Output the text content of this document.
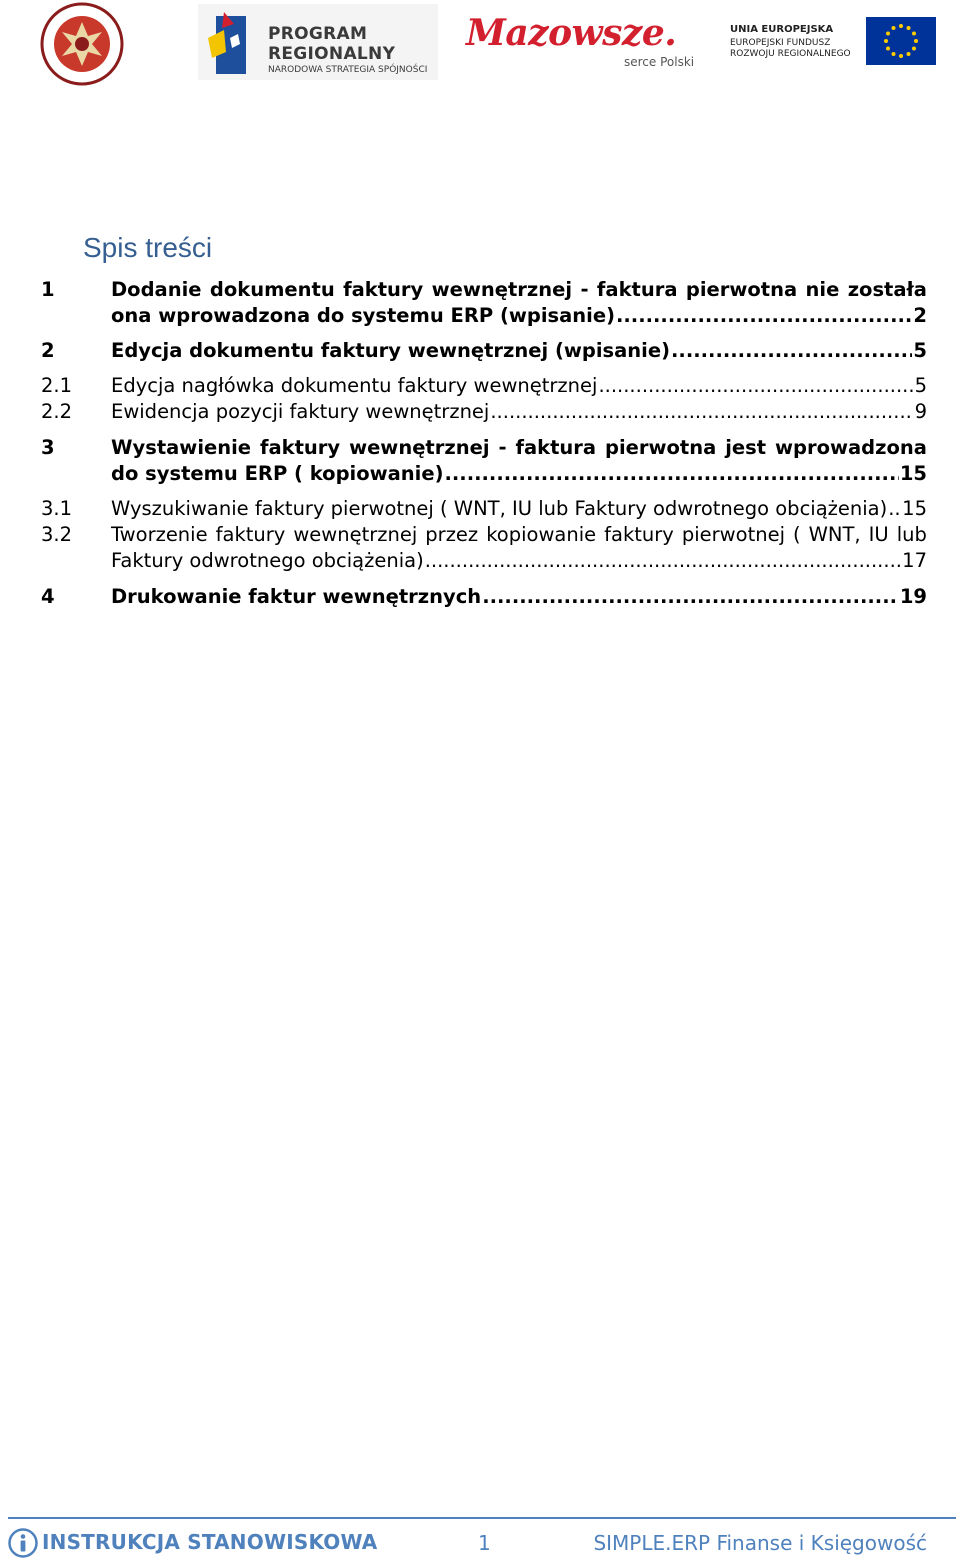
PROGRAM
REGIONALNY
NARODOWA STRATEGIA SPÓJNOŚCI
Mazowsze.
serce Polski
UNIA EUROPEJSKA
EUROPEJSKI FUNDUSZ
ROZWOJU REGIONALNEGO
Spis treści
1	Dodanie dokumentu faktury wewnętrznej - faktura pierwotna nie została
ona wprowadzona do systemu ERP (wpisanie) .....	2
2	Edycja dokumentu faktury wewnętrznej (wpisanie) .....	5
2.1 Edycja nagłówka dokumentu faktury wewnętrznej .....	5
2.2 Ewidencja pozycji faktury wewnętrznej .....	9
3	Wystawienie faktury wewnętrznej - faktura pierwotna jest wprowadzona
do systemu ERP ( kopiowanie) .....	15
3.1 Wyszukiwanie faktury pierwotnej ( WNT, IU lub Faktury odwrotnego obciążenia) ..... 15
3.2 Tworzenie faktury wewnętrznej przez kopiowanie faktury pierwotnej ( WNT, IU lub
Faktury odwrotnego obciążenia) .....	17
4	Drukowanie faktur wewnętrznych .....	19
INSTRUKCJA STANOWISKOWA	1	SIMPLE.ERP Finanse i Księgowość
